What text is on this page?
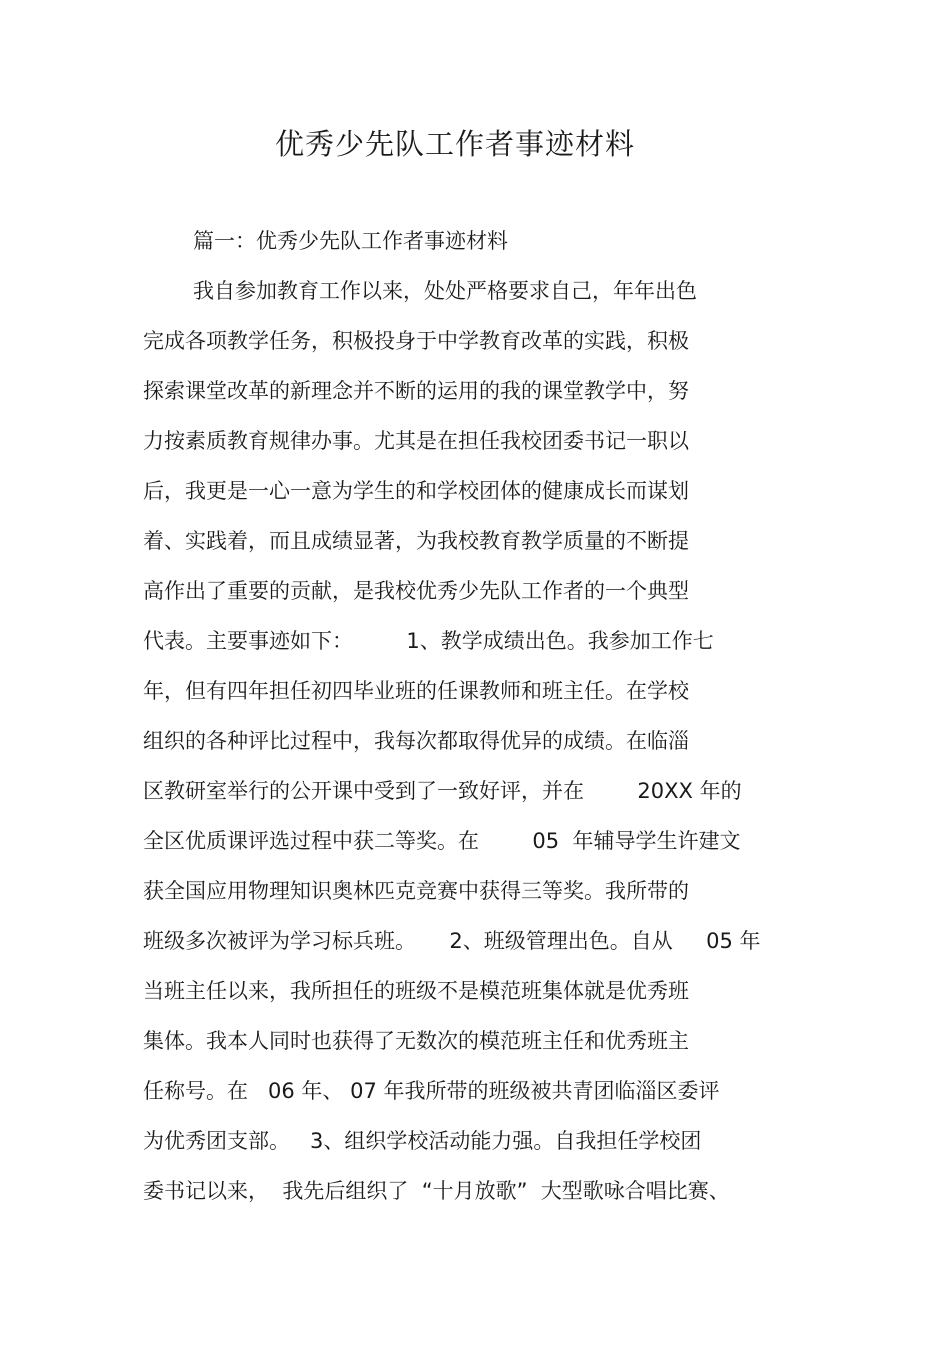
优秀少先队工作者事迹材料
篇一：优秀少先队工作者事迹材料
我自参加教育工作以来，处处严格要求自己，年年出色
完成各项教学任务，积极投身于中学教育改革的实践，积极
探索课堂改革的新理念并不断的运用的我的课堂教学中，努
力按素质教育规律办事。尤其是在担任我校团委书记一职以
后，我更是一心一意为学生的和学校团体的健康成长而谋划
着、实践着，而且成绩显著，为我校教育教学质量的不断提
高作出了重要的贡献，是我校优秀少先队工作者的一个典型
代表。主要事迹如下：        1、教学成绩出色。我参加工作七
年，但有四年担任初四毕业班的任课教师和班主任。在学校
组织的各种评比过程中，我每次都取得优异的成绩。在临淄
区教研室举行的公开课中受到了一致好评，并在        20XX 年的
全区优质课评选过程中获二等奖。在        05  年辅导学生许建文
获全国应用物理知识奥林匹克竞赛中获得三等奖。我所带的
班级多次被评为学习标兵班。     2、班级管理出色。自从     05 年
当班主任以来，我所担任的班级不是模范班集体就是优秀班
集体。我本人同时也获得了无数次的模范班主任和优秀班主
任称号。在   06 年、 07 年我所带的班级被共青团临淄区委评
为优秀团支部。   3、组织学校活动能力强。自我担任学校团
委书记以来，  我先后组织了  “十月放歌”  大型歌咏合唱比赛、
